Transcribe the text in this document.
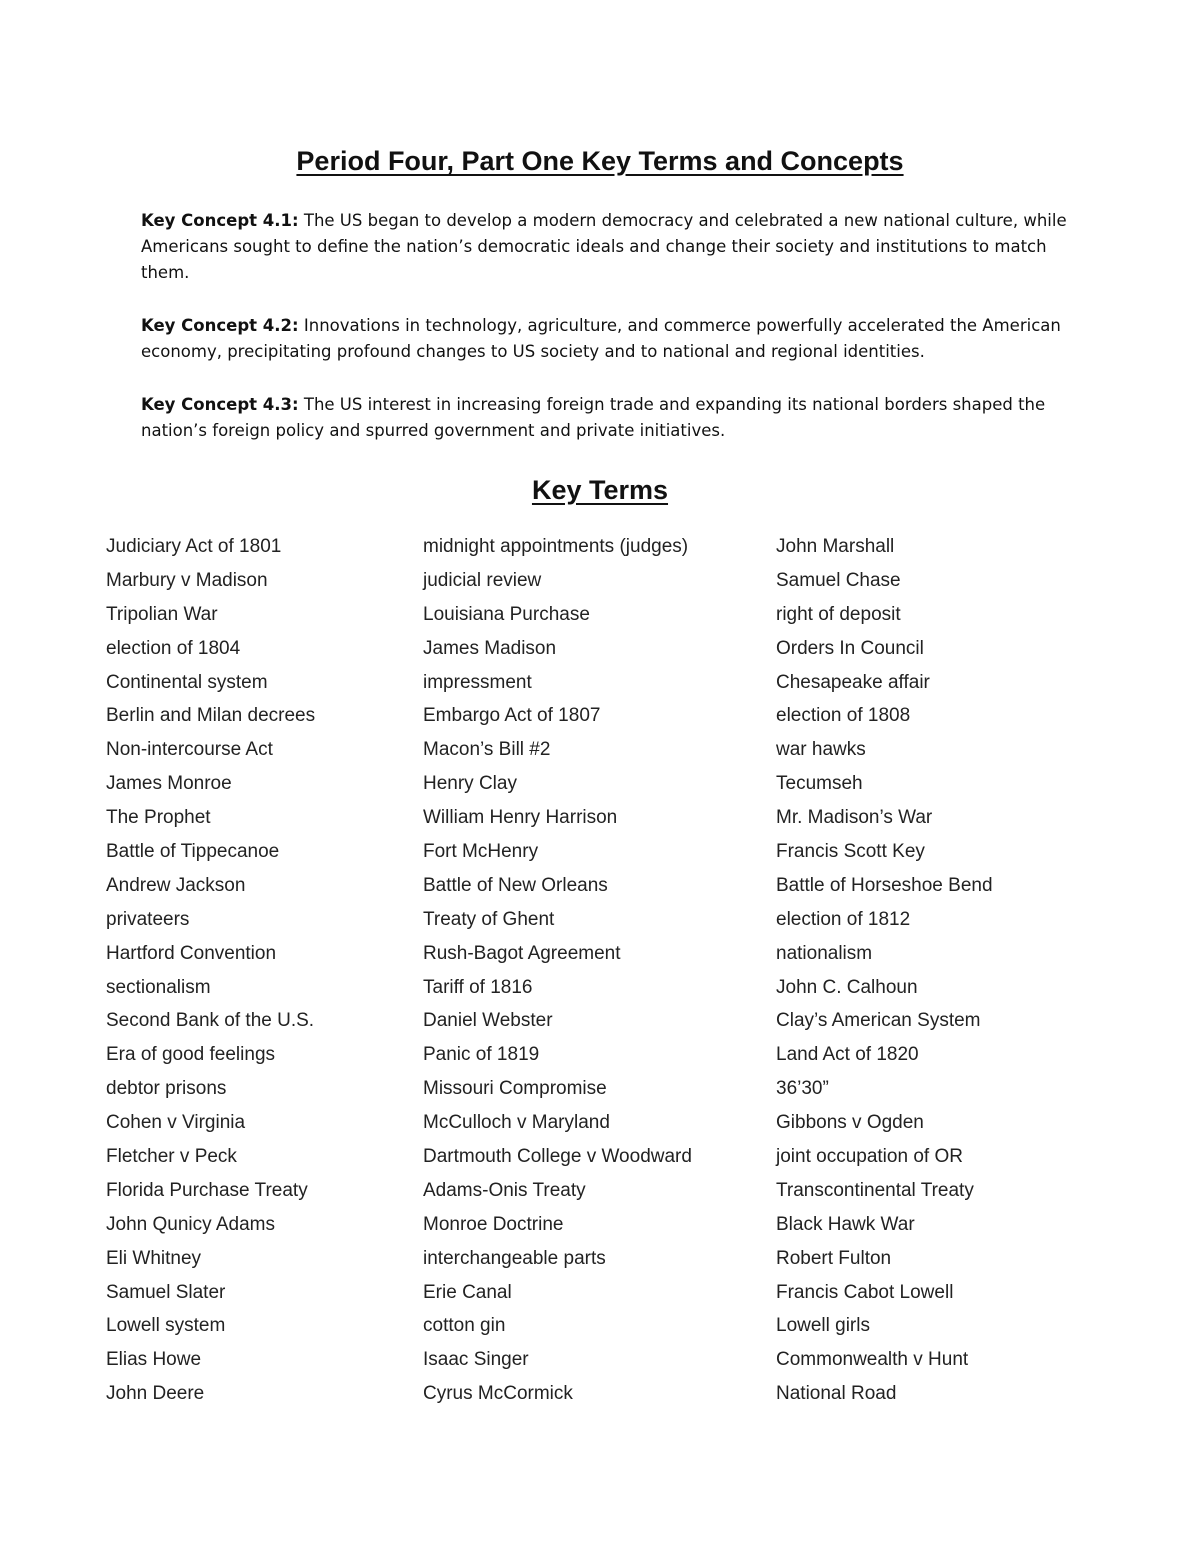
Period Four, Part One Key Terms and Concepts

Key Concept 4.1: The US began to develop a modern democracy and celebrated a new national culture, while Americans sought to define the nation’s democratic ideals and change their society and institutions to match them.

Key Concept 4.2: Innovations in technology, agriculture, and commerce powerfully accelerated the American economy, precipitating profound changes to US society and to national and regional identities.

Key Concept 4.3: The US interest in increasing foreign trade and expanding its national borders shaped the nation’s foreign policy and spurred government and private initiatives.

Key Terms
Judiciary Act of 1801	midnight appointments (judges)	John Marshall
Marbury v Madison	judicial review	Samuel Chase
Tripolian War	Louisiana Purchase	right of deposit
election of 1804	James Madison	Orders In Council
Continental system	impressment	Chesapeake affair
Berlin and Milan decrees	Embargo Act of 1807	election of 1808
Non-intercourse Act	Macon’s Bill #2	war hawks
James Monroe	Henry Clay	Tecumseh
The Prophet	William Henry Harrison	Mr. Madison’s War
Battle of Tippecanoe	Fort McHenry	Francis Scott Key
Andrew Jackson	Battle of New Orleans	Battle of Horseshoe Bend
privateers	Treaty of Ghent	election of 1812
Hartford Convention	Rush-Bagot Agreement	nationalism
sectionalism	Tariff of 1816	John C. Calhoun
Second Bank of the U.S.	Daniel Webster	Clay’s American System
Era of good feelings	Panic of 1819	Land Act of 1820
debtor prisons	Missouri Compromise	36’30”
Cohen v Virginia	McCulloch v Maryland	Gibbons v Ogden
Fletcher v Peck	Dartmouth College v Woodward	joint occupation of OR
Florida Purchase Treaty	Adams-Onis Treaty	Transcontinental Treaty
John Qunicy Adams	Monroe Doctrine	Black Hawk War
Eli Whitney	interchangeable parts	Robert Fulton
Samuel Slater	Erie Canal	Francis Cabot Lowell
Lowell system	cotton gin	Lowell girls
Elias Howe	Isaac Singer	Commonwealth v Hunt
John Deere	Cyrus McCormick	National Road
